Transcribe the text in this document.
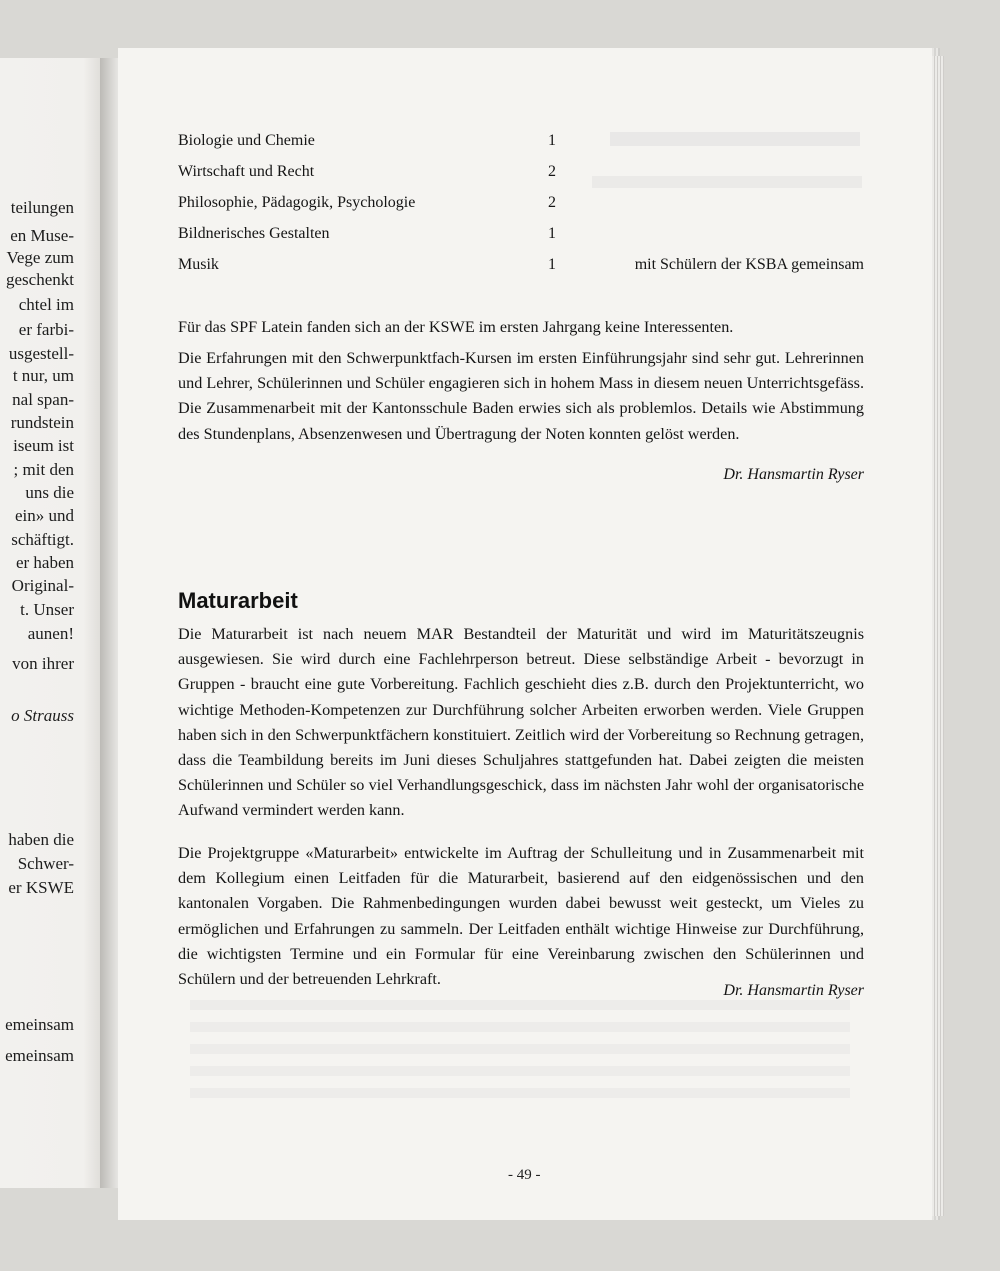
teilungen
en Muse-
Vege zum
geschenkt
chtel im
er farbi-
usgestell-
t nur, um
nal span-
rundstein
iseum ist
; mit den
uns die
ein» und
schäftigt.
er haben
Original-
t. Unser
aunen!
von ihrer
o Strauss
haben die
Schwer-
er KSWE
emeinsam
emeinsam
Biologie und Chemie	1
Wirtschaft und Recht	2
Philosophie, Pädagogik, Psychologie	2
Bildnerisches Gestalten	1
Musik	1	mit Schülern der KSBA gemeinsam

Für das SPF Latein fanden sich an der KSWE im ersten Jahrgang keine Interessenten.

Die Erfahrungen mit den Schwerpunktfach-Kursen im ersten Einführungsjahr sind sehr gut. Lehrerinnen und Lehrer, Schülerinnen und Schüler engagieren sich in hohem Mass in diesem neuen Unterrichtsgefäss. Die Zusammenarbeit mit der Kantonsschule Baden erwies sich als problemlos. Details wie Abstimmung des Stundenplans, Absenzenwesen und Übertragung der Noten konnten gelöst werden.

Dr. Hansmartin Ryser
Maturarbeit

Die Maturarbeit ist nach neuem MAR Bestandteil der Maturität und wird im Maturitätszeugnis ausgewiesen. Sie wird durch eine Fachlehrperson betreut. Diese selbständige Arbeit - bevorzugt in Gruppen - braucht eine gute Vorbereitung. Fachlich geschieht dies z.B. durch den Projektunterricht, wo wichtige Methoden-Kompetenzen zur Durchführung solcher Arbeiten erworben werden. Viele Gruppen haben sich in den Schwerpunktfächern konstituiert. Zeitlich wird der Vorbereitung so Rechnung getragen, dass die Teambildung bereits im Juni dieses Schuljahres stattgefunden hat. Dabei zeigten die meisten Schülerinnen und Schüler so viel Verhandlungsgeschick, dass im nächsten Jahr wohl der organisatorische Aufwand vermindert werden kann.

Die Projektgruppe «Maturarbeit» entwickelte im Auftrag der Schulleitung und in Zusammenarbeit mit dem Kollegium einen Leitfaden für die Maturarbeit, basierend auf den eidgenössischen und den kantonalen Vorgaben. Die Rahmenbedingungen wurden dabei bewusst weit gesteckt, um Vieles zu ermöglichen und Erfahrungen zu sammeln. Der Leitfaden enthält wichtige Hinweise zur Durchführung, die wichtigsten Termine und ein Formular für eine Vereinbarung zwischen den Schülerinnen und Schülern und der betreuenden Lehrkraft.

Dr. Hansmartin Ryser
- 49 -
